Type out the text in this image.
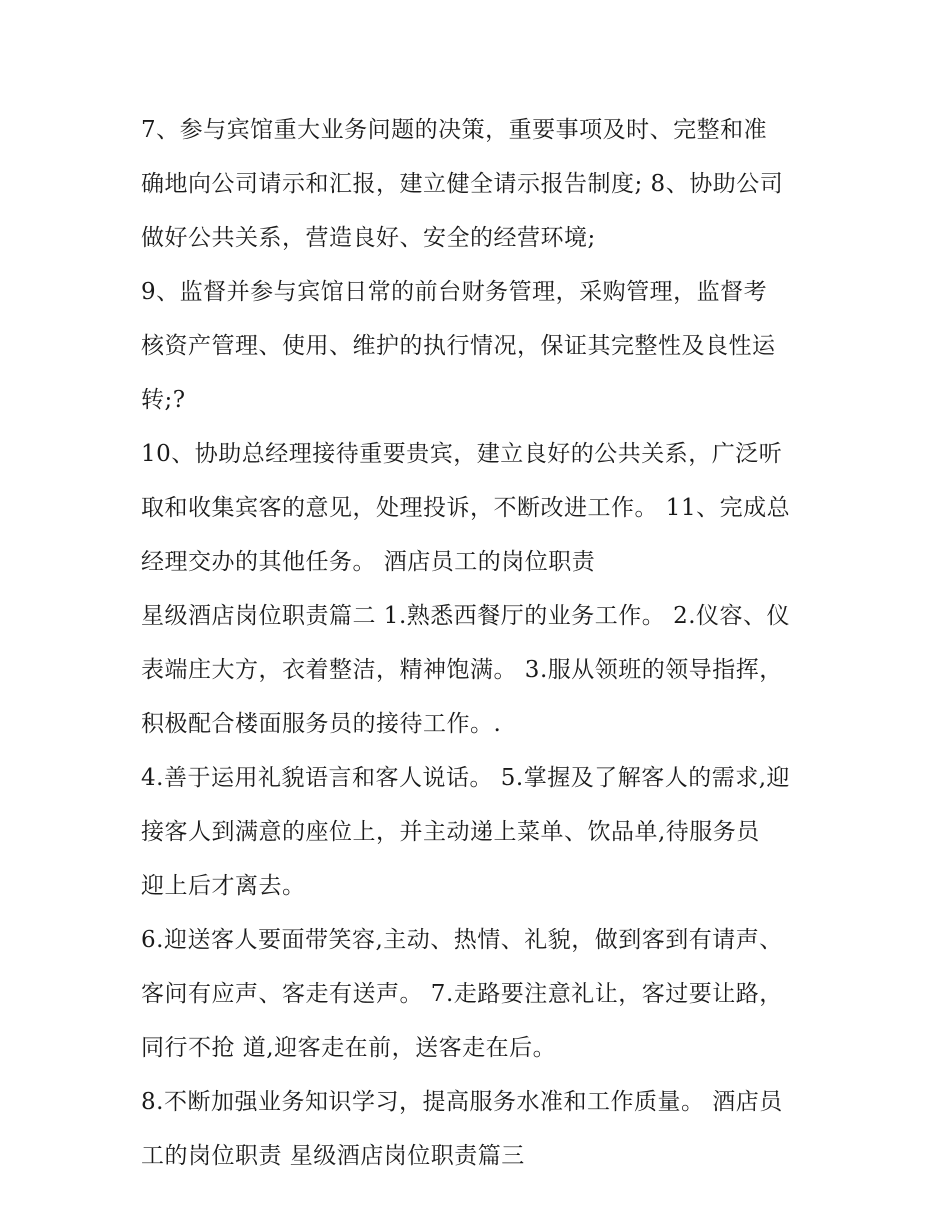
7、参与宾馆重大业务问题的决策，重要事项及时、完整和准
确地向公司请示和汇报，建立健全请示报告制度; 8、协助公司
做好公共关系，营造良好、安全的经营环境;
9、监督并参与宾馆日常的前台财务管理，采购管理，监督考
核资产管理、使用、维护的执行情况，保证其完整性及良性运
转;?
10、协助总经理接待重要贵宾，建立良好的公共关系，广泛听
取和收集宾客的意见，处理投诉，不断改进工作。 11、完成总
经理交办的其他任务。 酒店员工的岗位职责
星级酒店岗位职责篇二 1.熟悉西餐厅的业务工作。 2.仪容、仪
表端庄大方，衣着整洁，精神饱满。 3.服从领班的领导指挥，
积极配合楼面服务员的接待工作。.
4.善于运用礼貌语言和客人说话。 5.掌握及了解客人的需求,迎
接客人到满意的座位上，并主动递上菜单、饮品单,待服务员
迎上后才离去。
6.迎送客人要面带笑容,主动、热情、礼貌，做到客到有请声、
客问有应声、客走有送声。 7.走路要注意礼让，客过要让路，
同行不抢 道,迎客走在前，送客走在后。
8.不断加强业务知识学习，提高服务水准和工作质量。 酒店员
工的岗位职责 星级酒店岗位职责篇三
